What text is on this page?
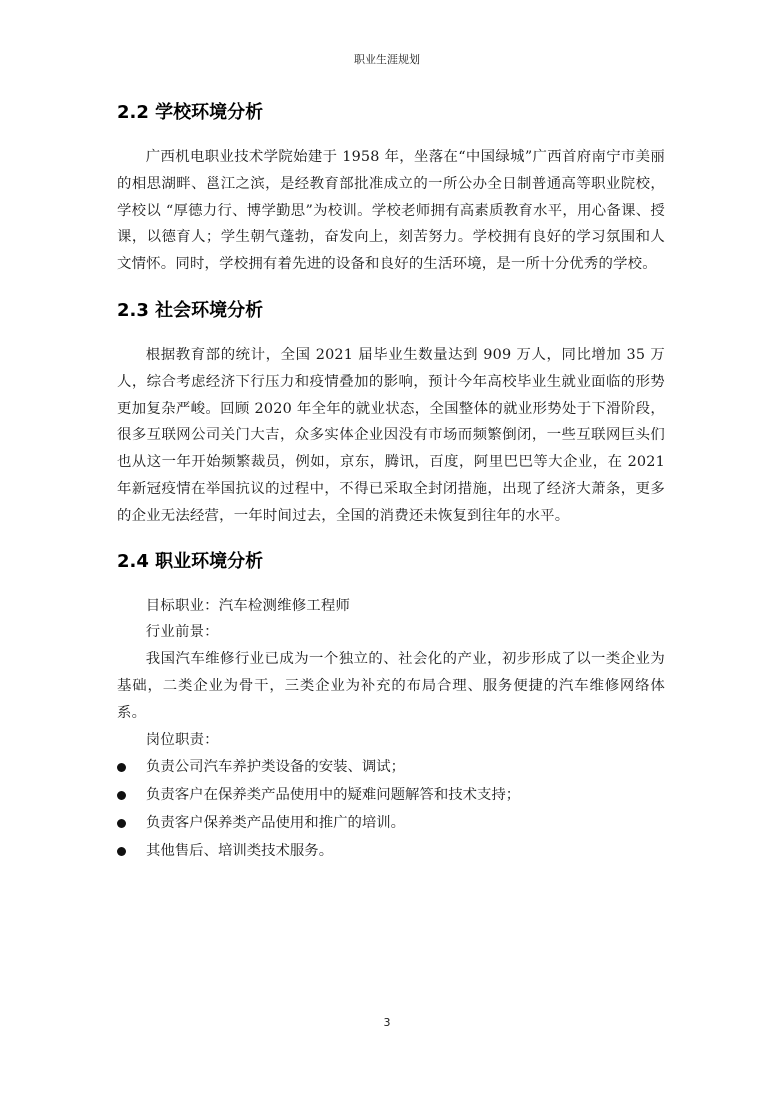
职业生涯规划
2.2 学校环境分析

广西机电职业技术学院始建于 1958 年，坐落在“中国绿城”广西首府南宁市美丽的相思湖畔、邕江之滨，是经教育部批准成立的一所公办全日制普通高等职业院校，学校以 “厚德力行、博学勤思”为校训。学校老师拥有高素质教育水平，用心备课、授课，以德育人；学生朝气蓬勃，奋发向上，刻苦努力。学校拥有良好的学习氛围和人文情怀。同时，学校拥有着先进的设备和良好的生活环境，是一所十分优秀的学校。

2.3 社会环境分析

根据教育部的统计，全国 2021 届毕业生数量达到 909 万人，同比增加 35 万人，综合考虑经济下行压力和疫情叠加的影响，预计今年高校毕业生就业面临的形势更加复杂严峻。回顾 2020 年全年的就业状态，全国整体的就业形势处于下滑阶段，很多互联网公司关门大吉，众多实体企业因没有市场而频繁倒闭，一些互联网巨头们也从这一年开始频繁裁员，例如，京东，腾讯，百度，阿里巴巴等大企业，在 2021 年新冠疫情在举国抗议的过程中，不得已采取全封闭措施，出现了经济大萧条，更多的企业无法经营，一年时间过去，全国的消费还未恢复到往年的水平。

2.4 职业环境分析

目标职业：汽车检测维修工程师

行业前景：

我国汽车维修行业已成为一个独立的、社会化的产业，初步形成了以一类企业为基础，二类企业为骨干，三类企业为补充的布局合理、服务便捷的汽车维修网络体系。

岗位职责：

负责公司汽车养护类设备的安装、调试；
负责客户在保养类产品使用中的疑难问题解答和技术支持；
负责客户保养类产品使用和推广的培训。
其他售后、培训类技术服务。
3
